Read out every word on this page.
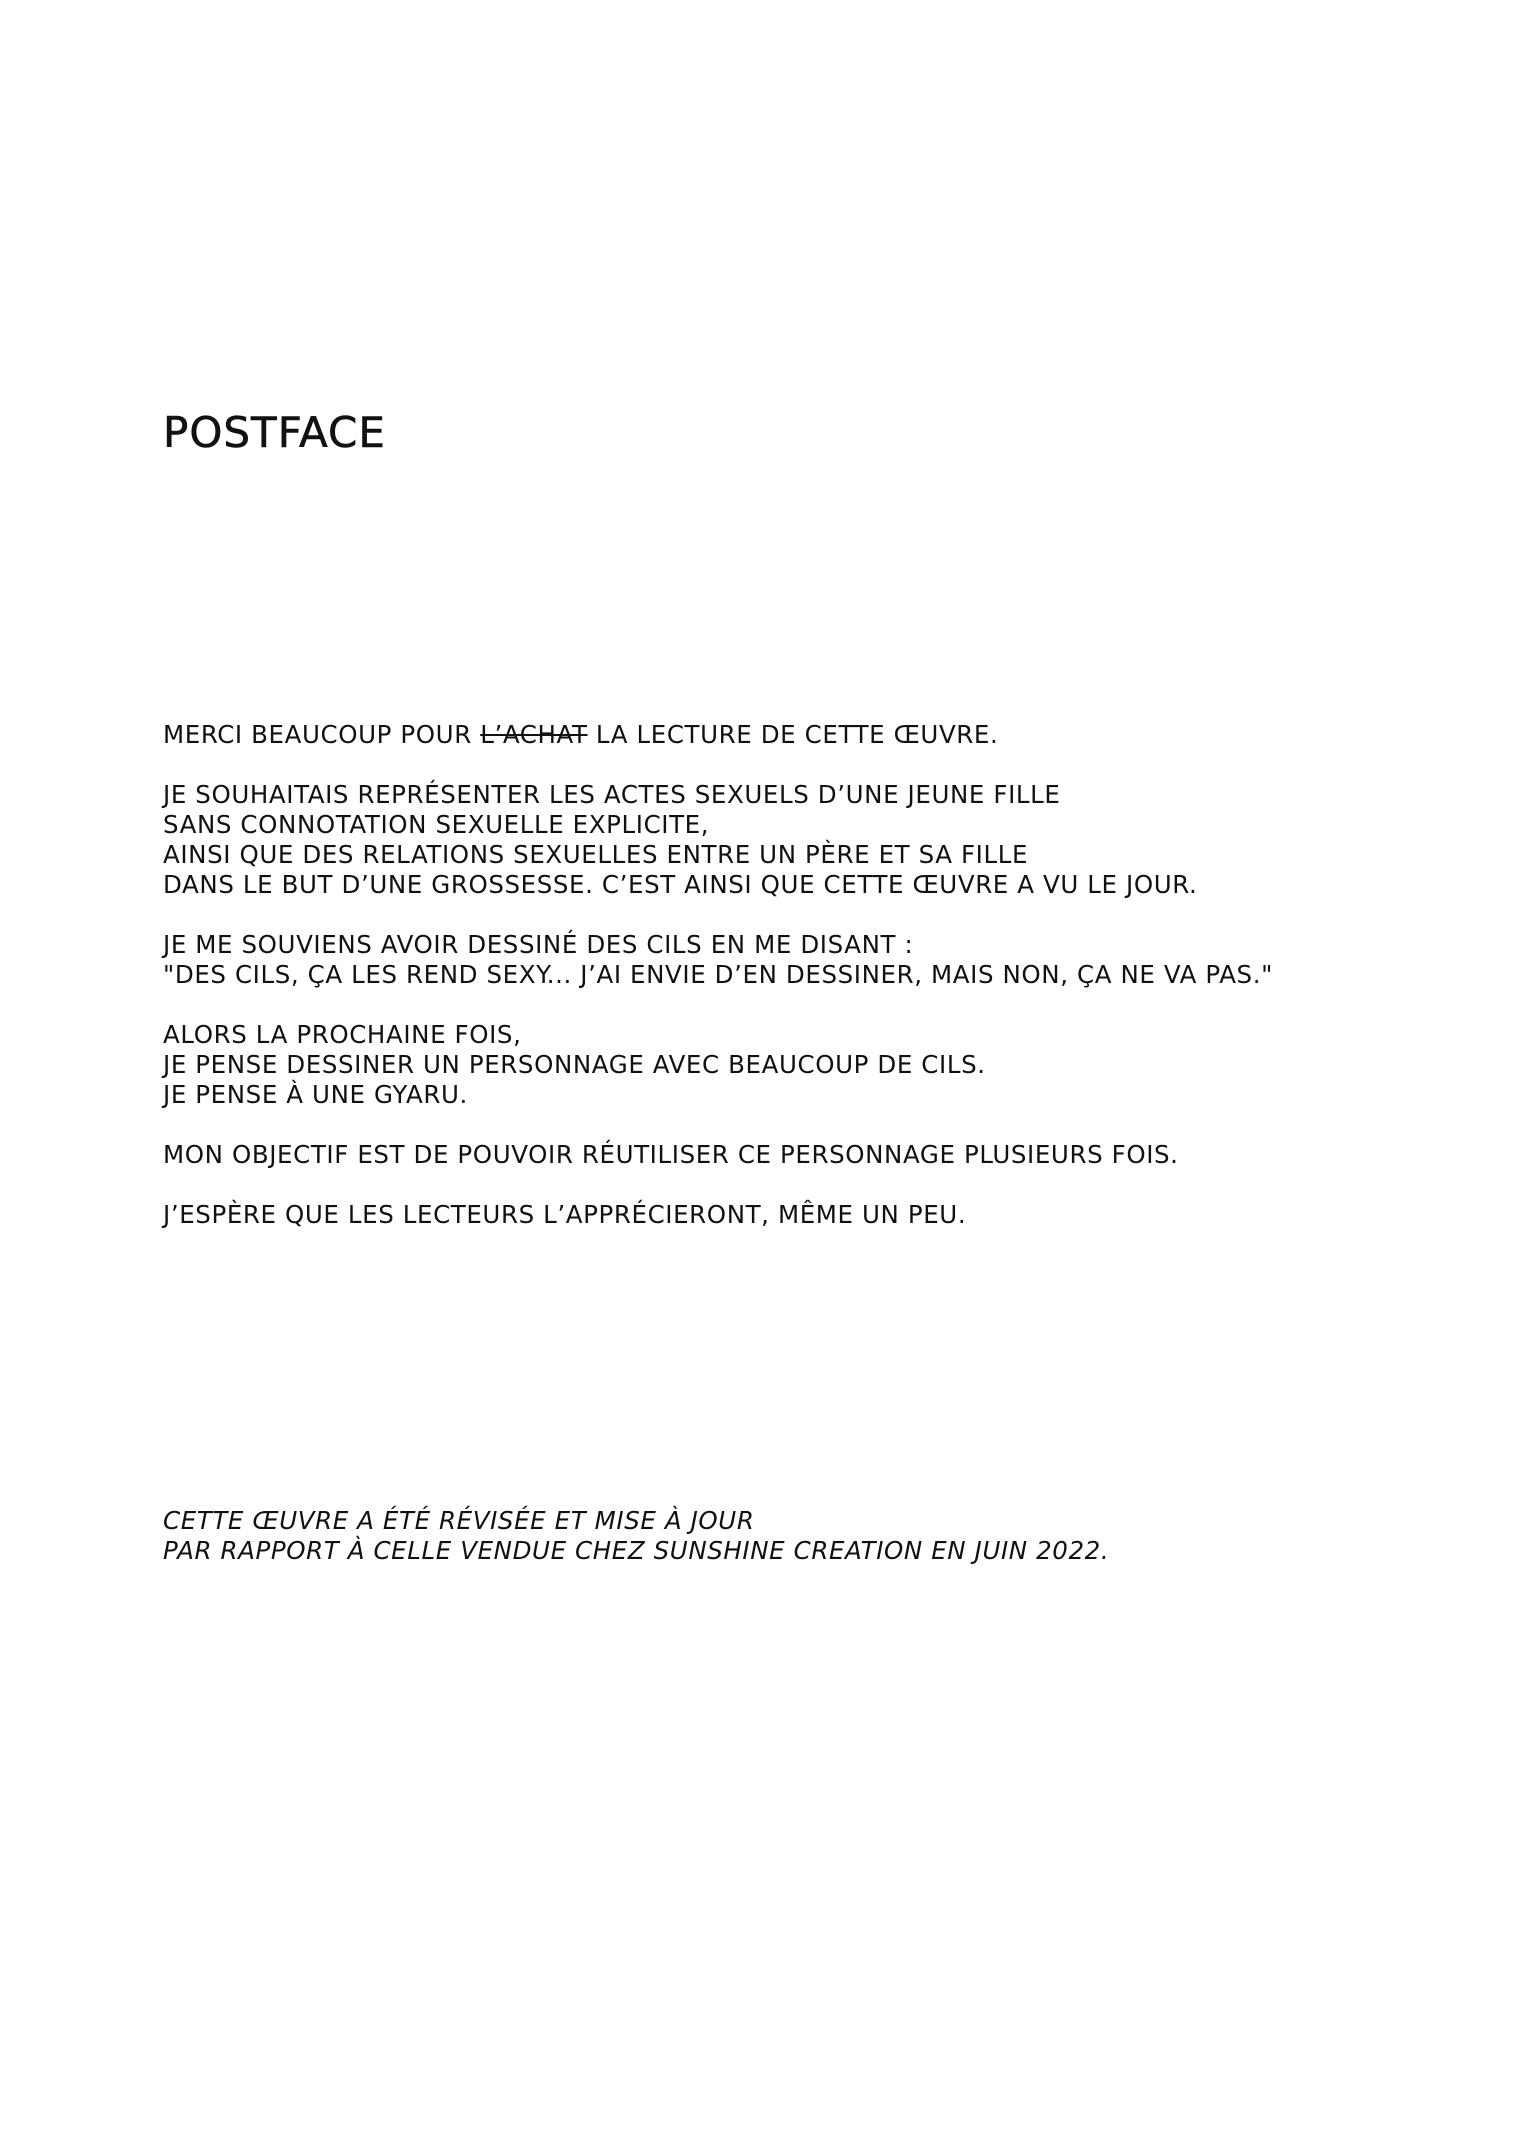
POSTFACE

MERCI BEAUCOUP POUR L’ACHAT LA LECTURE DE CETTE ŒUVRE.

JE SOUHAITAIS REPRÉSENTER LES ACTES SEXUELS D’UNE JEUNE FILLE
SANS CONNOTATION SEXUELLE EXPLICITE,
AINSI QUE DES RELATIONS SEXUELLES ENTRE UN PÈRE ET SA FILLE
DANS LE BUT D’UNE GROSSESSE. C’EST AINSI QUE CETTE ŒUVRE A VU LE JOUR.

JE ME SOUVIENS AVOIR DESSINÉ DES CILS EN ME DISANT :
"DES CILS, ÇA LES REND SEXY... J’AI ENVIE D’EN DESSINER, MAIS NON, ÇA NE VA PAS."

ALORS LA PROCHAINE FOIS,
JE PENSE DESSINER UN PERSONNAGE AVEC BEAUCOUP DE CILS.
JE PENSE À UNE GYARU.

MON OBJECTIF EST DE POUVOIR RÉUTILISER CE PERSONNAGE PLUSIEURS FOIS.

J’ESPÈRE QUE LES LECTEURS L’APPRÉCIERONT, MÊME UN PEU.

CETTE ŒUVRE A ÉTÉ RÉVISÉE ET MISE À JOUR
PAR RAPPORT À CELLE VENDUE CHEZ SUNSHINE CREATION EN JUIN 2022.
